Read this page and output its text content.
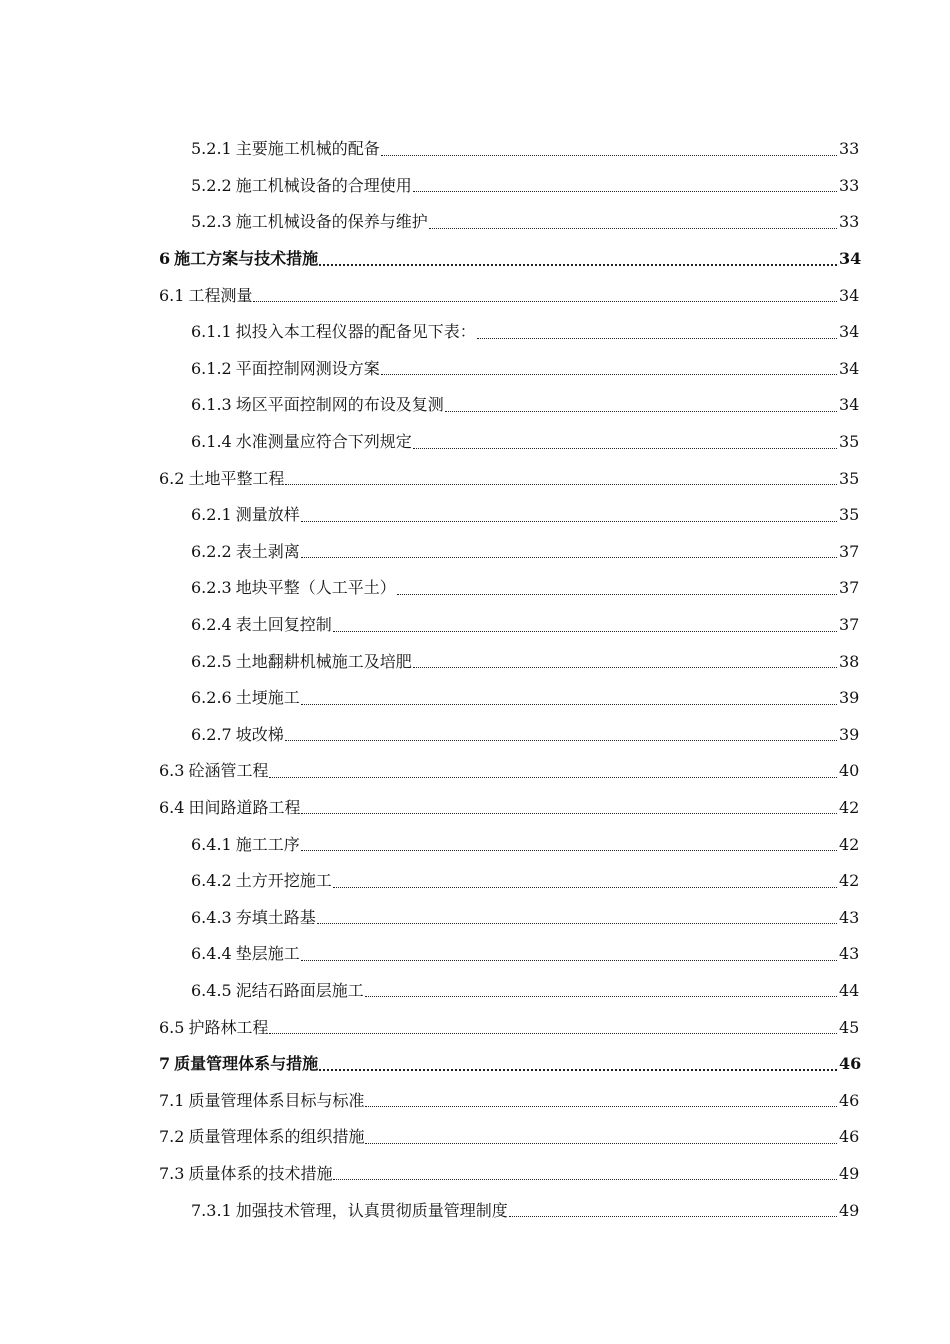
5.2.1 主要施工机械的配备	33
5.2.2 施工机械设备的合理使用	33
5.2.3 施工机械设备的保养与维护	33
6 施工方案与技术措施	34
6.1 工程测量	34
6.1.1 拟投入本工程仪器的配备见下表：	34
6.1.2 平面控制网测设方案	34
6.1.3 场区平面控制网的布设及复测	34
6.1.4 水准测量应符合下列规定	35
6.2 土地平整工程	35
6.2.1 测量放样	35
6.2.2 表土剥离	37
6.2.3 地块平整（人工平土）	37
6.2.4 表土回复控制	37
6.2.5 土地翻耕机械施工及培肥	38
6.2.6 土埂施工	39
6.2.7 坡改梯	39
6.3 砼涵管工程	40
6.4 田间路道路工程	42
6.4.1 施工工序	42
6.4.2 土方开挖施工	42
6.4.3 夯填土路基	43
6.4.4 垫层施工	43
6.4.5 泥结石路面层施工	44
6.5 护路林工程	45
7 质量管理体系与措施	46
7.1 质量管理体系目标与标准	46
7.2 质量管理体系的组织措施	46
7.3 质量体系的技术措施	49
7.3.1 加强技术管理，认真贯彻质量管理制度	49
